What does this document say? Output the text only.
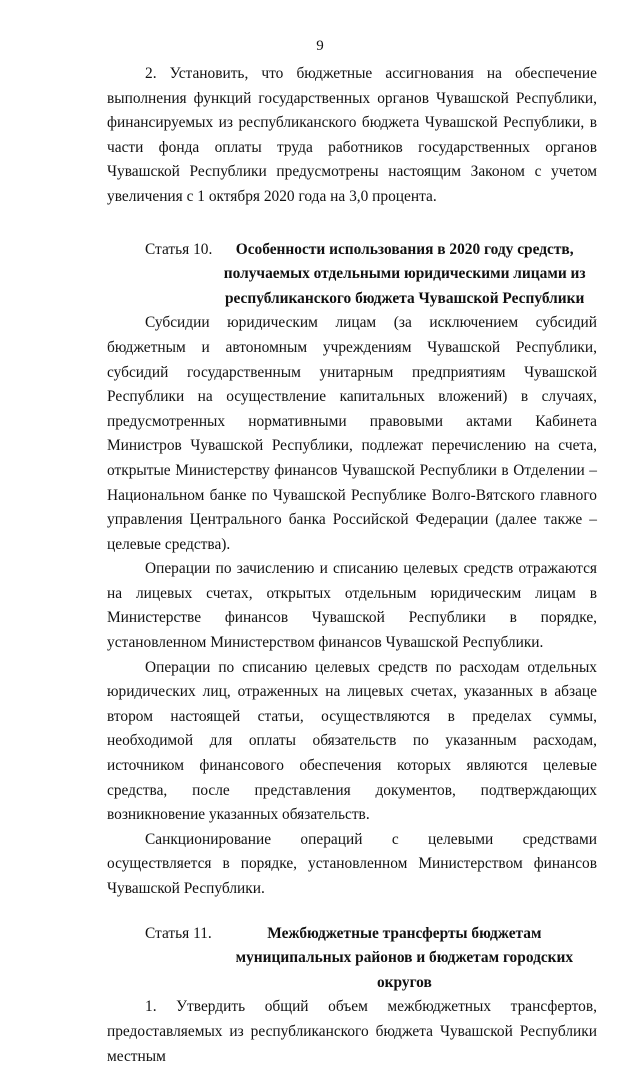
9

2. Установить, что бюджетные ассигнования на обеспечение выполнения функций государственных органов Чувашской Республики, финансируемых из республиканского бюджета Чувашской Республики, в части фонда оплаты труда работников государственных органов Чувашской Республики предусмотрены настоящим Законом с учетом увеличения с 1 октября 2020 года на 3,0 процента.

Статья 10.	Особенности использования в 2020 году средств, получаемых отдельными юридическими лицами из республиканского бюджета Чувашской Республики

Субсидии юридическим лицам (за исключением субсидий бюджетным и автономным учреждениям Чувашской Республики, субсидий государственным унитарным предприятиям Чувашской Республики на осуществление капитальных вложений) в случаях, предусмотренных нормативными правовыми актами Кабинета Министров Чувашской Республики, подлежат перечислению на счета, открытые Министерству финансов Чувашской Республики в Отделении – Национальном банке по Чувашской Республике Волго-Вятского главного управления Центрального банка Российской Федерации (далее также – целевые средства).

Операции по зачислению и списанию целевых средств отражаются на лицевых счетах, открытых отдельным юридическим лицам в Министерстве финансов Чувашской Республики в порядке, установленном Министерством финансов Чувашской Республики.

Операции по списанию целевых средств по расходам отдельных юридических лиц, отраженных на лицевых счетах, указанных в абзаце втором настоящей статьи, осуществляются в пределах суммы, необходимой для оплаты обязательств по указанным расходам, источником финансового обеспечения которых являются целевые средства, после представления документов, подтверждающих возникновение указанных обязательств.

Санкционирование операций с целевыми средствами осуществляется в порядке, установленном Министерством финансов Чувашской Республики.

Статья 11.	Межбюджетные трансферты бюджетам муниципальных районов и бюджетам городских округов

1. Утвердить общий объем межбюджетных трансфертов, предоставляемых из республиканского бюджета Чувашской Республики местным
